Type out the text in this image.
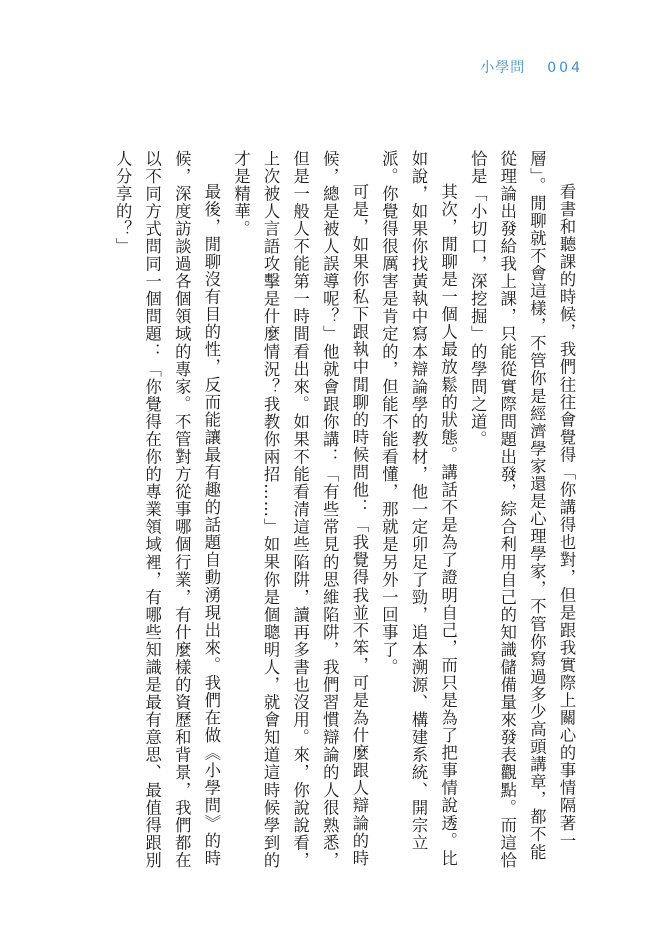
小學問 004

看書和聽課的時候，我們往往會覺得「你講得也對，但是跟我實際上關心的事情隔著一層」。閒聊就不會這樣，不管你是經濟學家還是心理學家，不管你寫過多少高頭講章，都不能從理論出發給我上課，只能從實際問題出發，綜合利用自己的知識儲備量來發表觀點。而這恰恰是「小切口，深挖掘」的學問之道。

其次，閒聊是一個人最放鬆的狀態。講話不是為了證明自己，而只是為了把事情說透。比如說，如果你找黃執中寫本辯論學的教材，他一定卯足了勁，追本溯源、構建系統、開宗立派。你覺得很厲害是肯定的，但能不能看懂，那就是另外一回事了。

可是，如果你私下跟執中閒聊的時候問他：「我覺得我並不笨，可是為什麼跟人辯論的時候，總是被人誤導呢？」他就會跟你講：「有些常見的思維陷阱，我們習慣辯論的人很熟悉，但是一般人不能第一時間看出來。如果不能看清這些陷阱，讀再多書也沒用。來，你說說看，上次被人言語攻擊是什麼情況？我教你兩招……」如果你是個聰明人，就會知道這時候學到的才是精華。

最後，閒聊沒有目的性，反而能讓最有趣的話題自動湧現出來。我們在做《小學問》的時候，深度訪談過各個領域的專家。不管對方從事哪個行業，有什麼樣的資歷和背景，我們都在以不同方式問同一個問題：「你覺得在你的專業領域裡，有哪些知識是最有意思、最值得跟別人分享的？」
